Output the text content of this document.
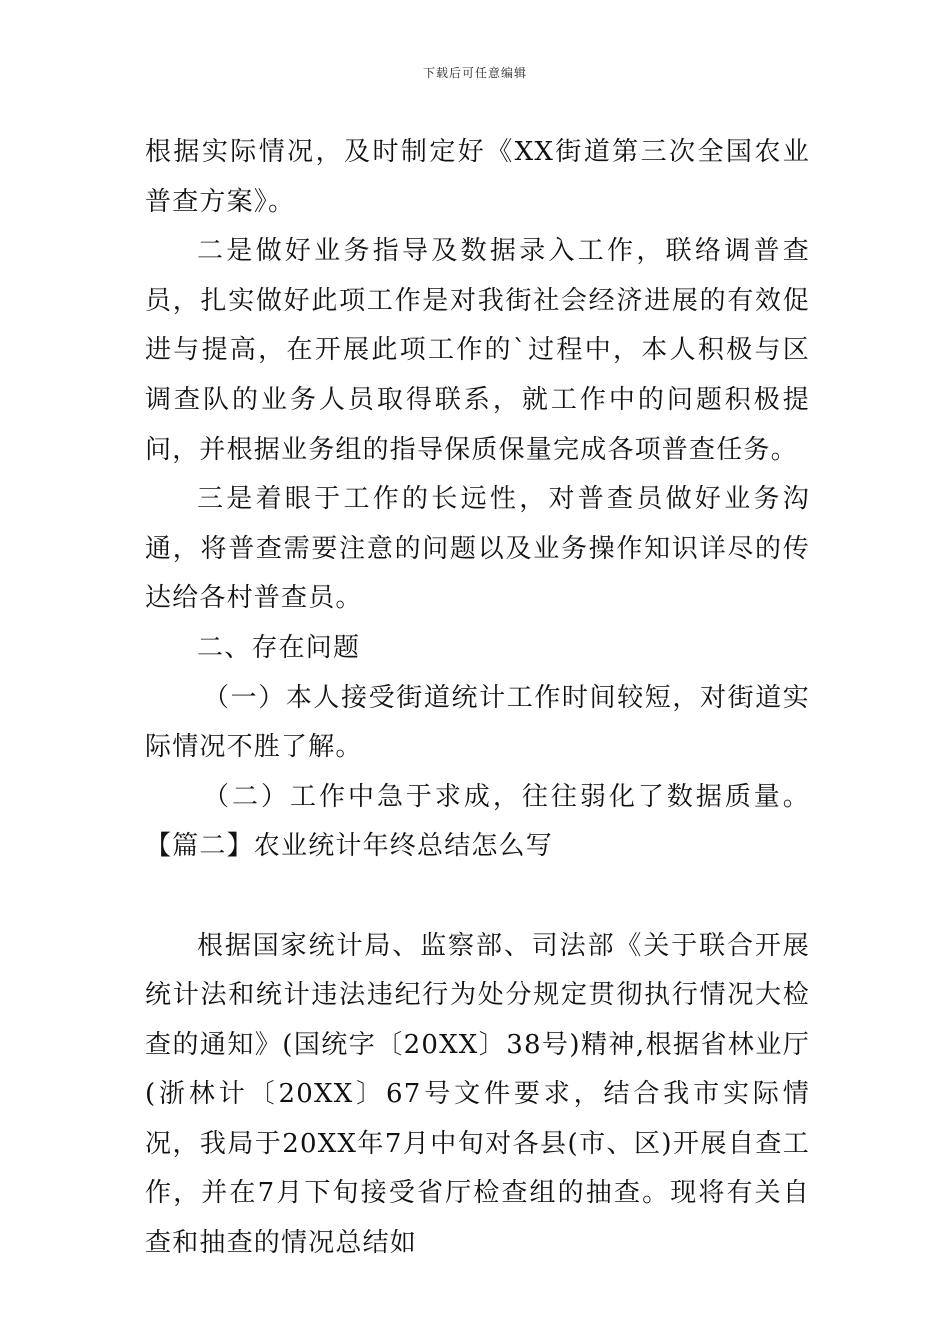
下载后可任意编辑

根据实际情况，及时制定好《XX街道第三次全国农业普查方案》。

二是做好业务指导及数据录入工作，联络调普查员，扎实做好此项工作是对我街社会经济进展的有效促进与提高，在开展此项工作的`过程中，本人积极与区调查队的业务人员取得联系，就工作中的问题积极提问，并根据业务组的指导保质保量完成各项普查任务。

三是着眼于工作的长远性，对普查员做好业务沟通，将普查需要注意的问题以及业务操作知识详尽的传达给各村普查员。

二、存在问题

（一）本人接受街道统计工作时间较短，对街道实际情况不胜了解。

（二）工作中急于求成，往往弱化了数据质量。【篇二】农业统计年终总结怎么写

根据国家统计局、监察部、司法部《关于联合开展统计法和统计违法违纪行为处分规定贯彻执行情况大检查的通知》(国统字〔20XX〕38号)精神,根据省林业厅(浙林计〔20XX〕67号文件要求，结合我市实际情况，我局于20XX年7月中旬对各县(市、区)开展自查工作，并在7月下旬接受省厅检查组的抽查。现将有关自查和抽查的情况总结如
